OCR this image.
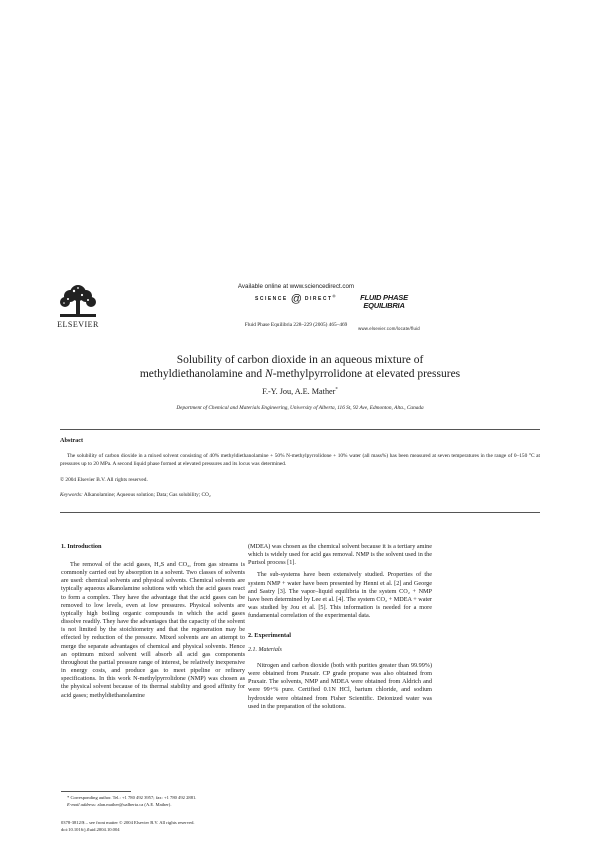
ELSEVIER
Available online at www.sciencedirect.com
SCIENCE @ DIRECT®	FLUID PHASE
EQUILIBRIA
www.elsevier.com/locate/fluid
Fluid Phase Equilibria 228–229 (2005) 465–469
Solubility of carbon dioxide in an aqueous mixture of
methyldiethanolamine and N-methylpyrrolidone at elevated pressures
F.-Y. Jou, A.E. Mather*
Department of Chemical and Materials Engineering, University of Alberta, 116 St, 92 Ave, Edmonton, Alta., Canada
Abstract
The solubility of carbon dioxide in a mixed solvent consisting of 40% methyldiethanolamine + 50% N-methylpyrrolidone + 10% water (all mass%) has been measured at seven temperatures in the range of 0–150 °C at pressures up to 20 MPa. A second liquid phase formed at elevated pressures and its locus was determined.
© 2004 Elsevier B.V. All rights reserved.
Keywords: Alkanolamine; Aqueous solution; Data; Gas solubility; CO₂
1. Introduction

The removal of the acid gases, H₂S and CO₂, from gas streams is commonly carried out by absorption in a solvent. Two classes of solvents are used: chemical solvents and physical solvents. Chemical solvents are typically aqueous alkanolamine solutions with which the acid gases react to form a complex. They have the advantage that the acid gases can be removed to low levels, even at low pressures. Physical solvents are typically high boiling organic compounds in which the acid gases dissolve readily. They have the advantages that the capacity of the solvent is not limited by the stoichiometry and that the regeneration may be effected by reduction of the pressure. Mixed solvents are an attempt to merge the separate advantages of chemical and physical solvents. Hence an optimum mixed solvent will absorb all acid gas components throughout the partial pressure range of interest, be relatively inexpensive in energy costs, and produce gas to meet pipeline or refinery specifications. In this work N-methylpyrrolidone (NMP) was chosen as the physical solvent because of its thermal stability and good affinity for acid gases; methyldiethanolamine

(MDEA) was chosen as the chemical solvent because it is a tertiary amine which is widely used for acid gas removal. NMP is the solvent used in the Purisol process [1].

The sub-systems have been extensively studied. Properties of the system NMP + water have been presented by Henni et al. [2] and George and Sastry [3]. The vapor–liquid equilibria in the system CO₂ + NMP have been determined by Lee et al. [4]. The system CO₂ + MDEA + water was studied by Jou et al. [5]. This information is needed for a more fundamental correlation of the experimental data.

2. Experimental
2.1. Materials

Nitrogen and carbon dioxide (both with purities greater than 99.99%) were obtained from Praxair. CP grade propane was also obtained from Praxair. The solvents, NMP and MDEA were obtained from Aldrich and were 99+% pure. Certified 0.1N HCl, barium chloride, and sodium hydroxide were obtained from Fisher Scientific. Deionized water was used in the preparation of the solutions.

* Corresponding author. Tel.: +1 780 492 3957; fax: +1 780 492 2881.
E-mail address: alan.mather@ualberta.ca (A.E. Mather).
0378-3812/$ – see front matter © 2004 Elsevier B.V. All rights reserved.
doi:10.1016/j.fluid.2004.10.004
